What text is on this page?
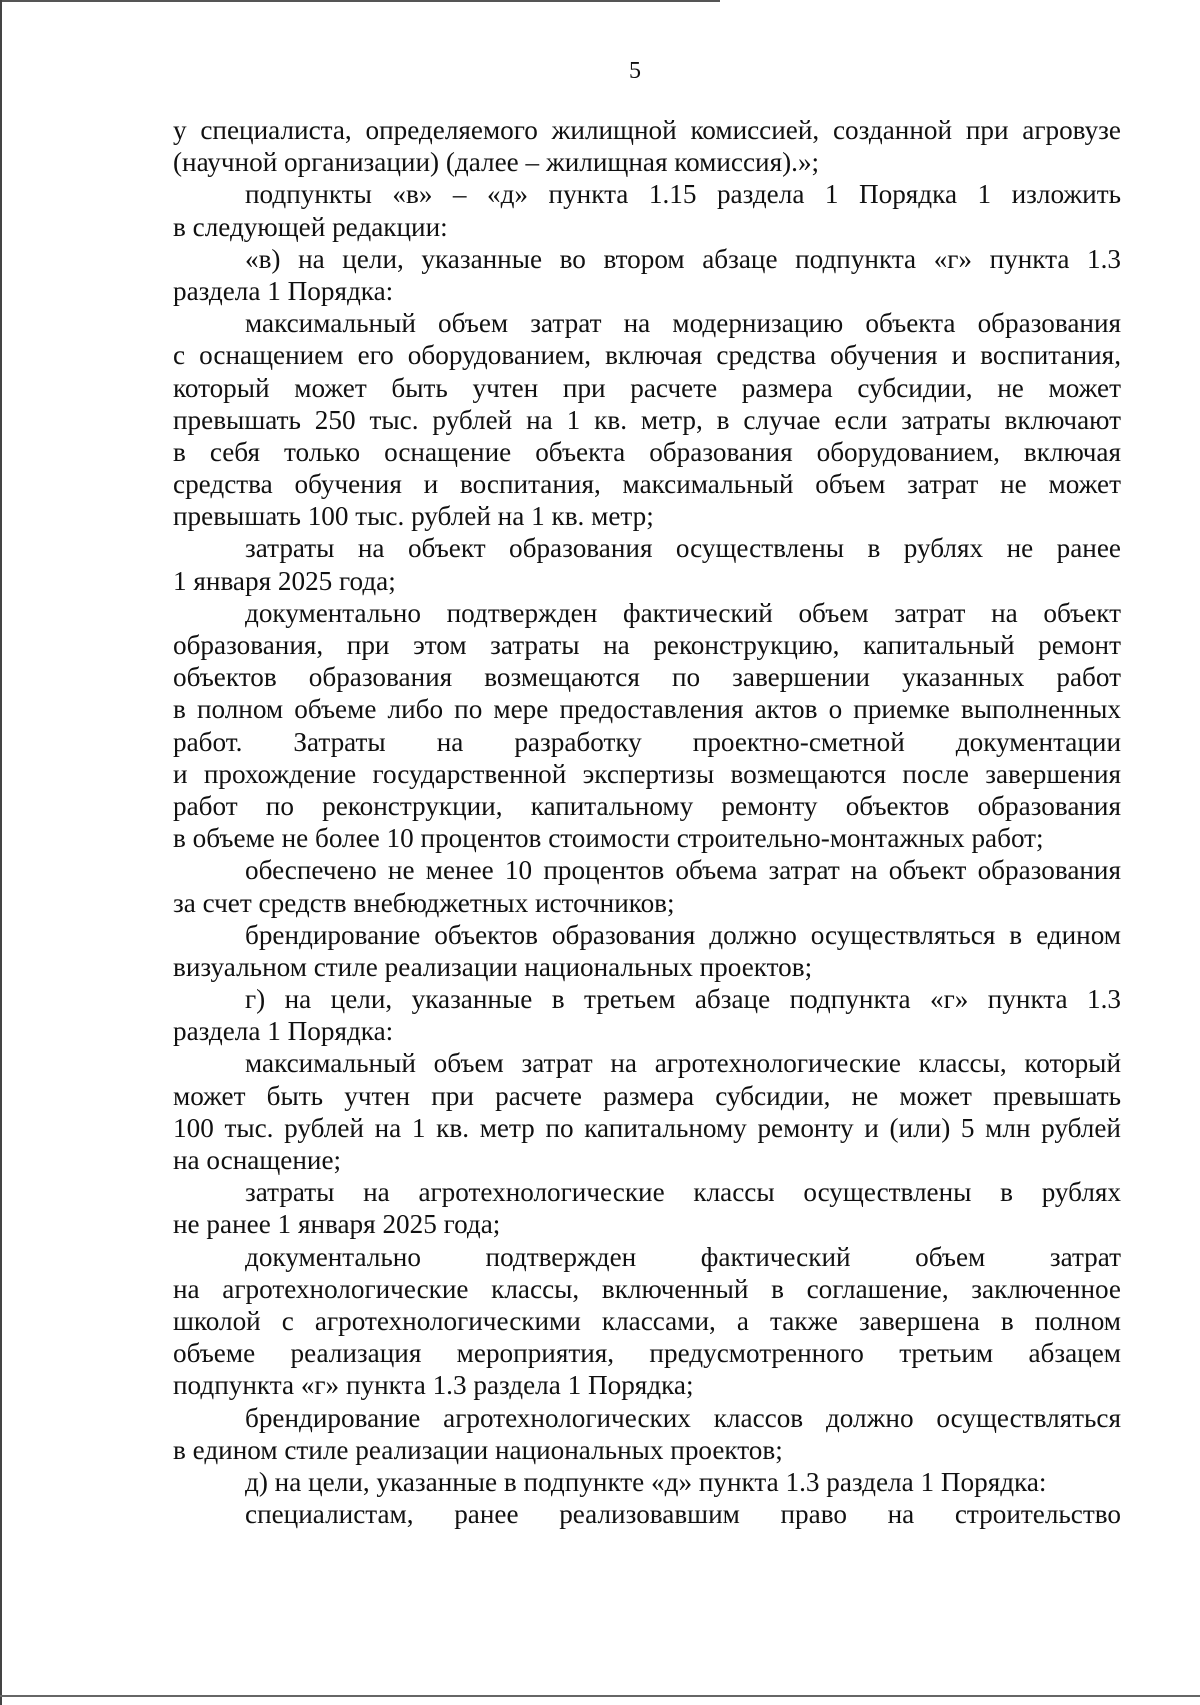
5
у специалиста, определяемого жилищной комиссией, созданной при агровузе
(научной организации) (далее – жилищная комиссия).»;
подпункты «в» – «д» пункта 1.15 раздела 1 Порядка 1 изложить
в следующей редакции:
«в) на цели, указанные во втором абзаце подпункта «г» пункта 1.3
раздела 1 Порядка:
максимальный объем затрат на модернизацию объекта образования
с оснащением его оборудованием, включая средства обучения и воспитания,
который может быть учтен при расчете размера субсидии, не может
превышать 250 тыс. рублей на 1 кв. метр, в случае если затраты включают
в себя только оснащение объекта образования оборудованием, включая
средства обучения и воспитания, максимальный объем затрат не может
превышать 100 тыс. рублей на 1 кв. метр;
затраты на объект образования осуществлены в рублях не ранее
1 января 2025 года;
документально подтвержден фактический объем затрат на объект
образования, при этом затраты на реконструкцию, капитальный ремонт
объектов образования возмещаются по завершении указанных работ
в полном объеме либо по мере предоставления актов о приемке выполненных
работ. Затраты на разработку проектно-сметной документации
и прохождение государственной экспертизы возмещаются после завершения
работ по реконструкции, капитальному ремонту объектов образования
в объеме не более 10 процентов стоимости строительно-монтажных работ;
обеспечено не менее 10 процентов объема затрат на объект образования
за счет средств внебюджетных источников;
брендирование объектов образования должно осуществляться в едином
визуальном стиле реализации национальных проектов;
г) на цели, указанные в третьем абзаце подпункта «г» пункта 1.3
раздела 1 Порядка:
максимальный объем затрат на агротехнологические классы, который
может быть учтен при расчете размера субсидии, не может превышать
100 тыс. рублей на 1 кв. метр по капитальному ремонту и (или) 5 млн рублей
на оснащение;
затраты на агротехнологические классы осуществлены в рублях
не ранее 1 января 2025 года;
документально подтвержден фактический объем затрат
на агротехнологические классы, включенный в соглашение, заключенное
школой с агротехнологическими классами, а также завершена в полном
объеме реализация мероприятия, предусмотренного третьим абзацем
подпункта «г» пункта 1.3 раздела 1 Порядка;
брендирование агротехнологических классов должно осуществляться
в едином стиле реализации национальных проектов;
д) на цели, указанные в подпункте «д» пункта 1.3 раздела 1 Порядка:
специалистам, ранее реализовавшим право на строительство
